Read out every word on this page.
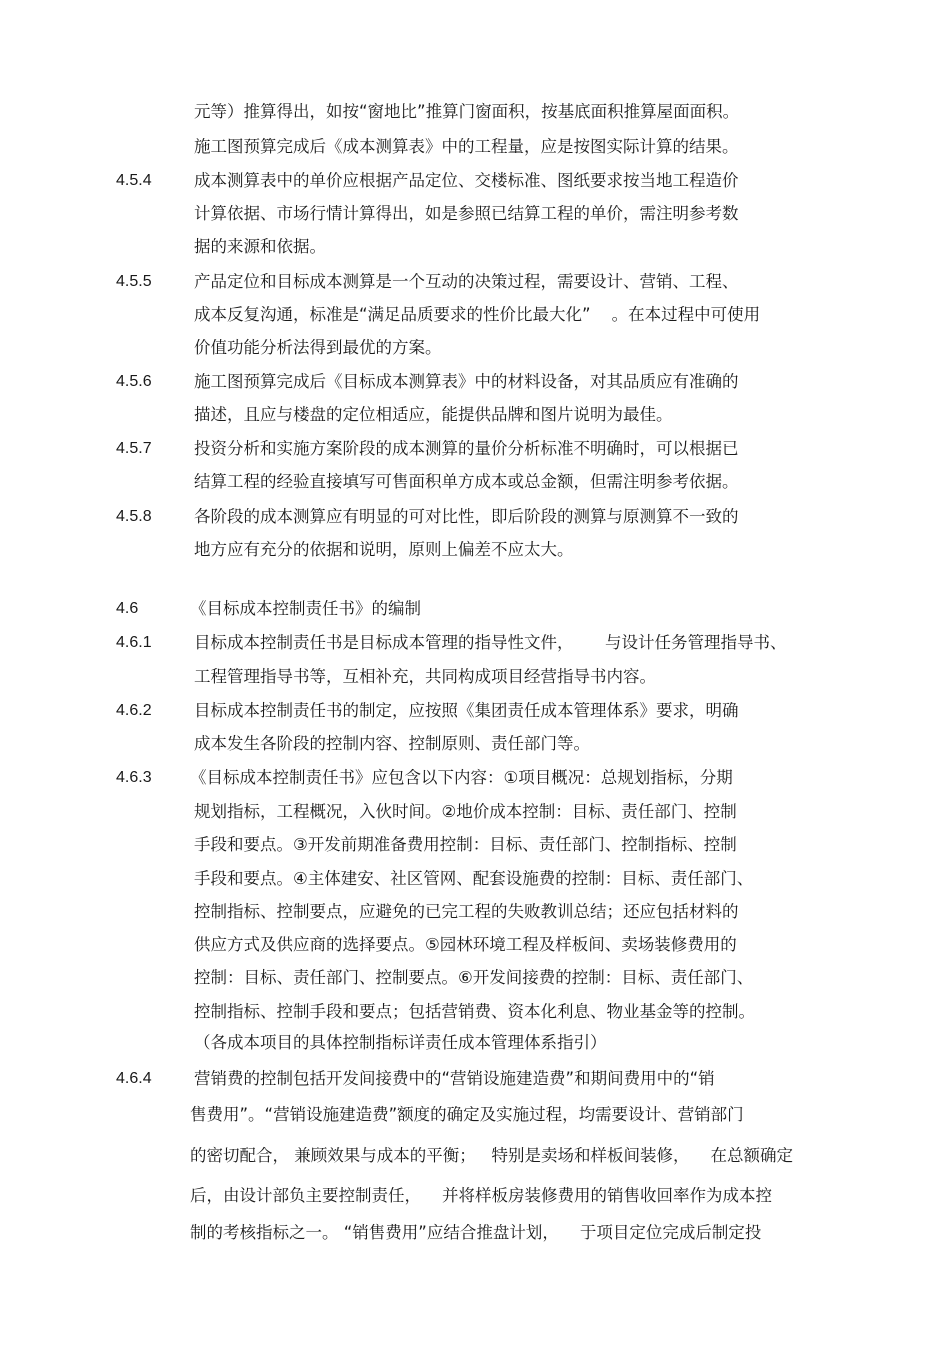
元等）推算得出，如按“窗地比”推算门窗面积，按基底面积推算屋面面积。
施工图预算完成后《成本测算表》中的工程量，应是按图实际计算的结果。
4.5.4	成本测算表中的单价应根据产品定位、交楼标准、图纸要求按当地工程造价
计算依据、市场行情计算得出，如是参照已结算工程的单价，需注明参考数
据的来源和依据。
4.5.5	产品定位和目标成本测算是一个互动的决策过程，需要设计、营销、工程、
成本反复沟通，标准是“满足品质要求的性价比最大化”    。在本过程中可使用
价值功能分析法得到最优的方案。
4.5.6	施工图预算完成后《目标成本测算表》中的材料设备，对其品质应有准确的
描述，且应与楼盘的定位相适应，能提供品牌和图片说明为最佳。
4.5.7	投资分析和实施方案阶段的成本测算的量价分析标准不明确时，可以根据已
结算工程的经验直接填写可售面积单方成本或总金额，但需注明参考依据。
4.5.8	各阶段的成本测算应有明显的可对比性，即后阶段的测算与原测算不一致的
地方应有充分的依据和说明，原则上偏差不应太大。
4.6	《目标成本控制责任书》的编制
4.6.1	目标成本控制责任书是目标成本管理的指导性文件，      与设计任务管理指导书、
工程管理指导书等，互相补充，共同构成项目经营指导书内容。
4.6.2	目标成本控制责任书的制定，应按照《集团责任成本管理体系》要求，明确
成本发生各阶段的控制内容、控制原则、责任部门等。
4.6.3 《目标成本控制责任书》应包含以下内容：①项目概况：总规划指标，分期
规划指标，工程概况，入伙时间。②地价成本控制：目标、责任部门、控制
手段和要点。③开发前期准备费用控制：目标、责任部门、控制指标、控制
手段和要点。④主体建安、社区管网、配套设施费的控制：目标、责任部门、
控制指标、控制要点，应避免的已完工程的失败教训总结；还应包括材料的
供应方式及供应商的选择要点。⑤园林环境工程及样板间、卖场装修费用的
控制：目标、责任部门、控制要点。⑥开发间接费的控制：目标、责任部门、
控制指标、控制手段和要点；包括营销费、资本化利息、物业基金等的控制。
（各成本项目的具体控制指标详责任成本管理体系指引）
4.6.4	营销费的控制包括开发间接费中的“营销设施建造费”和期间费用中的“销
售费用”。“营销设施建造费”额度的确定及实施过程，均需要设计、营销部门
的密切配合， 兼顾效果与成本的平衡；   特别是卖场和样板间装修，    在总额确定
后，由设计部负主要控制责任，    并将样板房装修费用的销售收回率作为成本控
制的考核指标之一。 “销售费用”应结合推盘计划，    于项目定位完成后制定投
